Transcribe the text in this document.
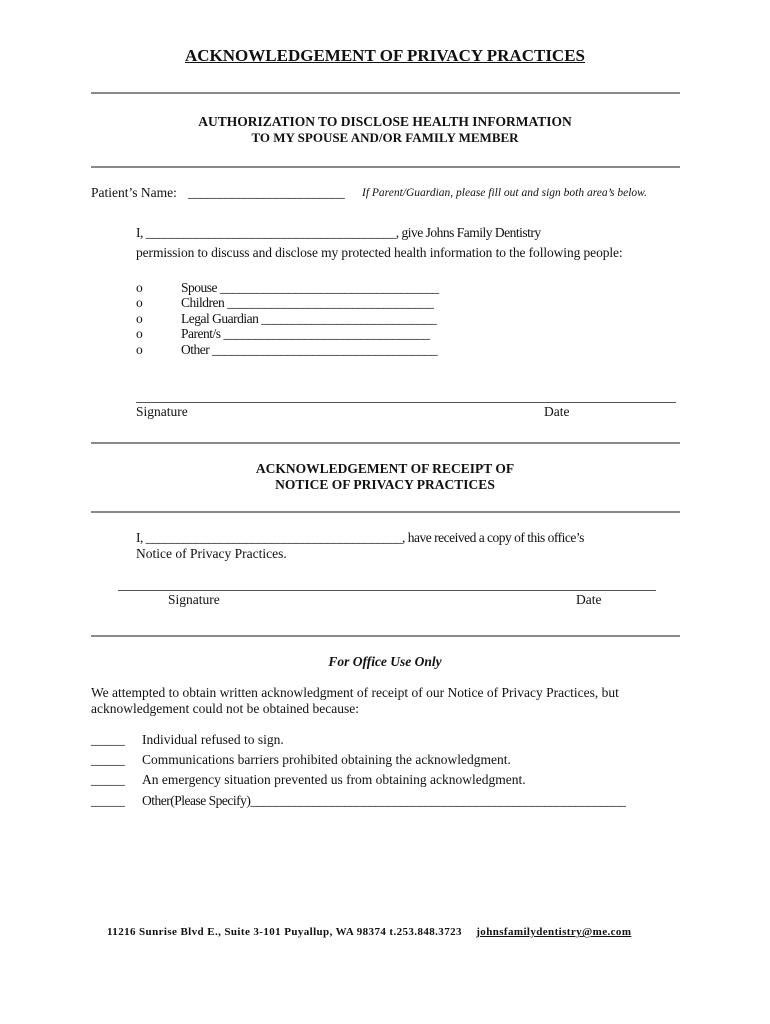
ACKNOWLEDGEMENT OF PRIVACY PRACTICES
AUTHORIZATION TO DISCLOSE HEALTH INFORMATION
TO MY SPOUSE AND/OR FAMILY MEMBER
Patient’s Name: _________________________ If Parent/Guardian, please fill out and sign both area’s below.
I, ________________________________________, give Johns Family Dentistry
permission to discuss and disclose my protected health information to the following people:
o	Spouse ___________________________________
o	Children _________________________________
o	Legal Guardian ____________________________
o	Parent/s _________________________________
o	Other ____________________________________
Signature	Date
ACKNOWLEDGEMENT OF RECEIPT OF
NOTICE OF PRIVACY PRACTICES
I, _________________________________________, have received a copy of this office’s
Notice of Privacy Practices.
Signature	Date
For Office Use Only
We attempted to obtain written acknowledgment of receipt of our Notice of Privacy Practices, but
acknowledgement could not be obtained because:
_____ Individual refused to sign.
_____ Communications barriers prohibited obtaining the acknowledgment.
_____ An emergency situation prevented us from obtaining acknowledgment.
_____ Other(Please Specify)____________________________________________________________
11216 Sunrise Blvd E., Suite 3-101 Puyallup, WA 98374 t.253.848.3723 johnsfamilydentistry@me.com
